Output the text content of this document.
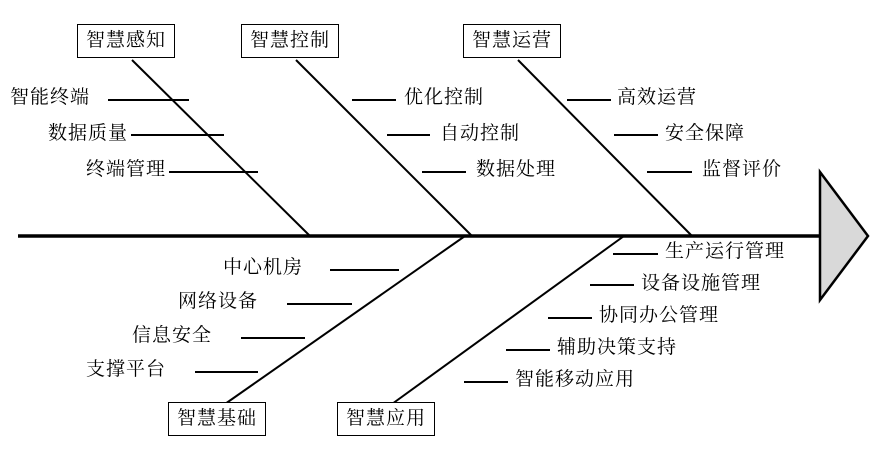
智慧感知	智慧控制	智慧运营
智慧基础	智慧应用
智能终端
数据质量
终端管理
优化控制
自动控制
数据处理
高效运营
安全保障
监督评价
中心机房
网络设备
信息安全
支撑平台
生产运行管理
设备设施管理
协同办公管理
辅助决策支持
智能移动应用
